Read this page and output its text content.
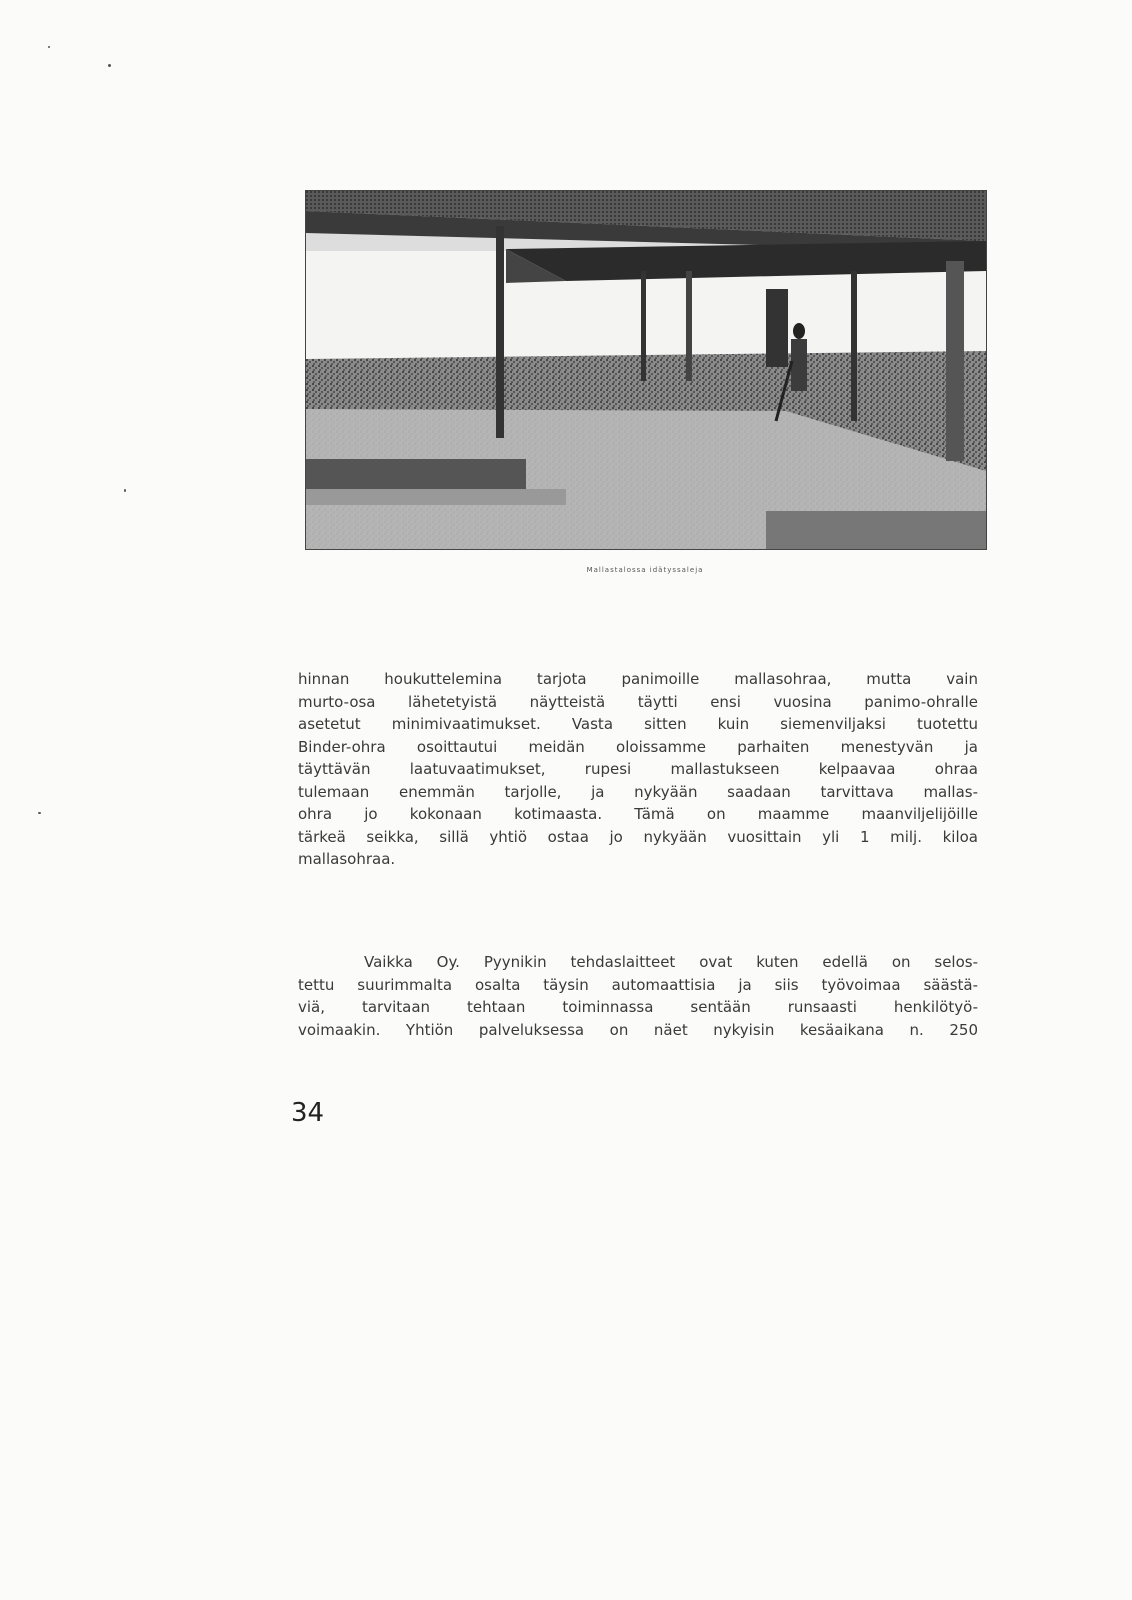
Mallastalossa idätyssaleja
hinnan houkuttelemina tarjota panimoille mallasohraa, mutta vain
murto-osa lähetetyistä näytteistä täytti ensi vuosina panimo-ohralle
asetetut minimivaatimukset. Vasta sitten kuin siemenviljaksi tuotettu
Binder-ohra osoittautui meidän oloissamme parhaiten menestyvän ja
täyttävän laatuvaatimukset, rupesi mallastukseen kelpaavaa ohraa
tulemaan enemmän tarjolle, ja nykyään saadaan tarvittava mallas-
ohra jo kokonaan kotimaasta. Tämä on maamme maanviljelijöille
tärkeä seikka, sillä yhtiö ostaa jo nykyään vuosittain yli 1 milj. kiloa
mallasohraa.
Vaikka Oy. Pyynikin tehdaslaitteet ovat kuten edellä on selos-
tettu suurimmalta osalta täysin automaattisia ja siis työvoimaa säästä-
viä, tarvitaan tehtaan toiminnassa sentään runsaasti henkilötyö-
voimaakin. Yhtiön palveluksessa on näet nykyisin kesäaikana n. 250
34
